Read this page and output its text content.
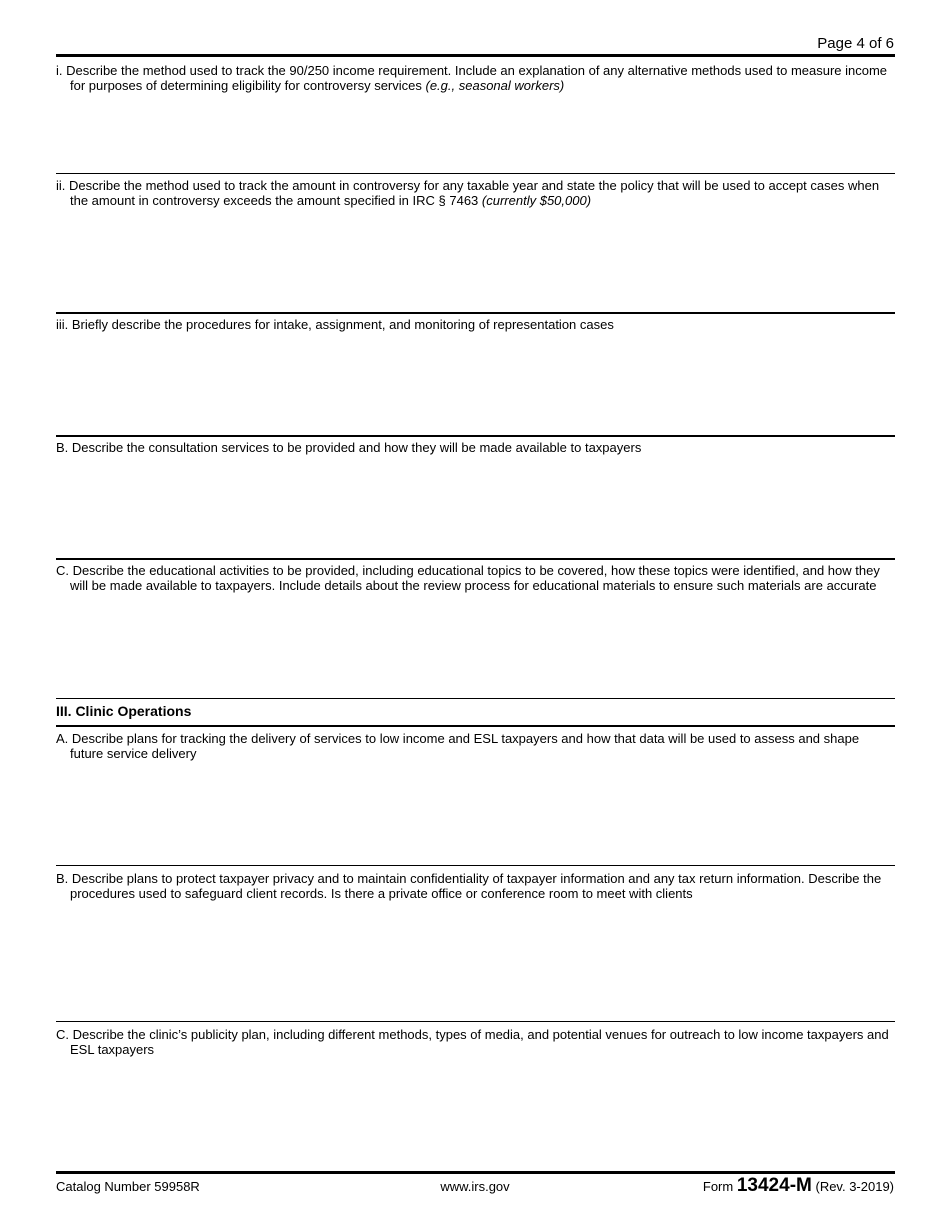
Page 4 of 6
i. Describe the method used to track the 90/250 income requirement. Include an explanation of any alternative methods used to measure income for purposes of determining eligibility for controversy services (e.g., seasonal workers)
ii. Describe the method used to track the amount in controversy for any taxable year and state the policy that will be used to accept cases when the amount in controversy exceeds the amount specified in IRC § 7463 (currently $50,000)
iii. Briefly describe the procedures for intake, assignment, and monitoring of representation cases
B. Describe the consultation services to be provided and how they will be made available to taxpayers
C. Describe the educational activities to be provided, including educational topics to be covered, how these topics were identified, and how they will be made available to taxpayers. Include details about the review process for educational materials to ensure such materials are accurate
III. Clinic Operations
A. Describe plans for tracking the delivery of services to low income and ESL taxpayers and how that data will be used to assess and shape future service delivery
B. Describe plans to protect taxpayer privacy and to maintain confidentiality of taxpayer information and any tax return information. Describe the procedures used to safeguard client records. Is there a private office or conference room to meet with clients
C. Describe the clinic’s publicity plan, including different methods, types of media, and potential venues for outreach to low income taxpayers and ESL taxpayers
Catalog Number 59958R	www.irs.gov	Form 13424-M (Rev. 3-2019)
